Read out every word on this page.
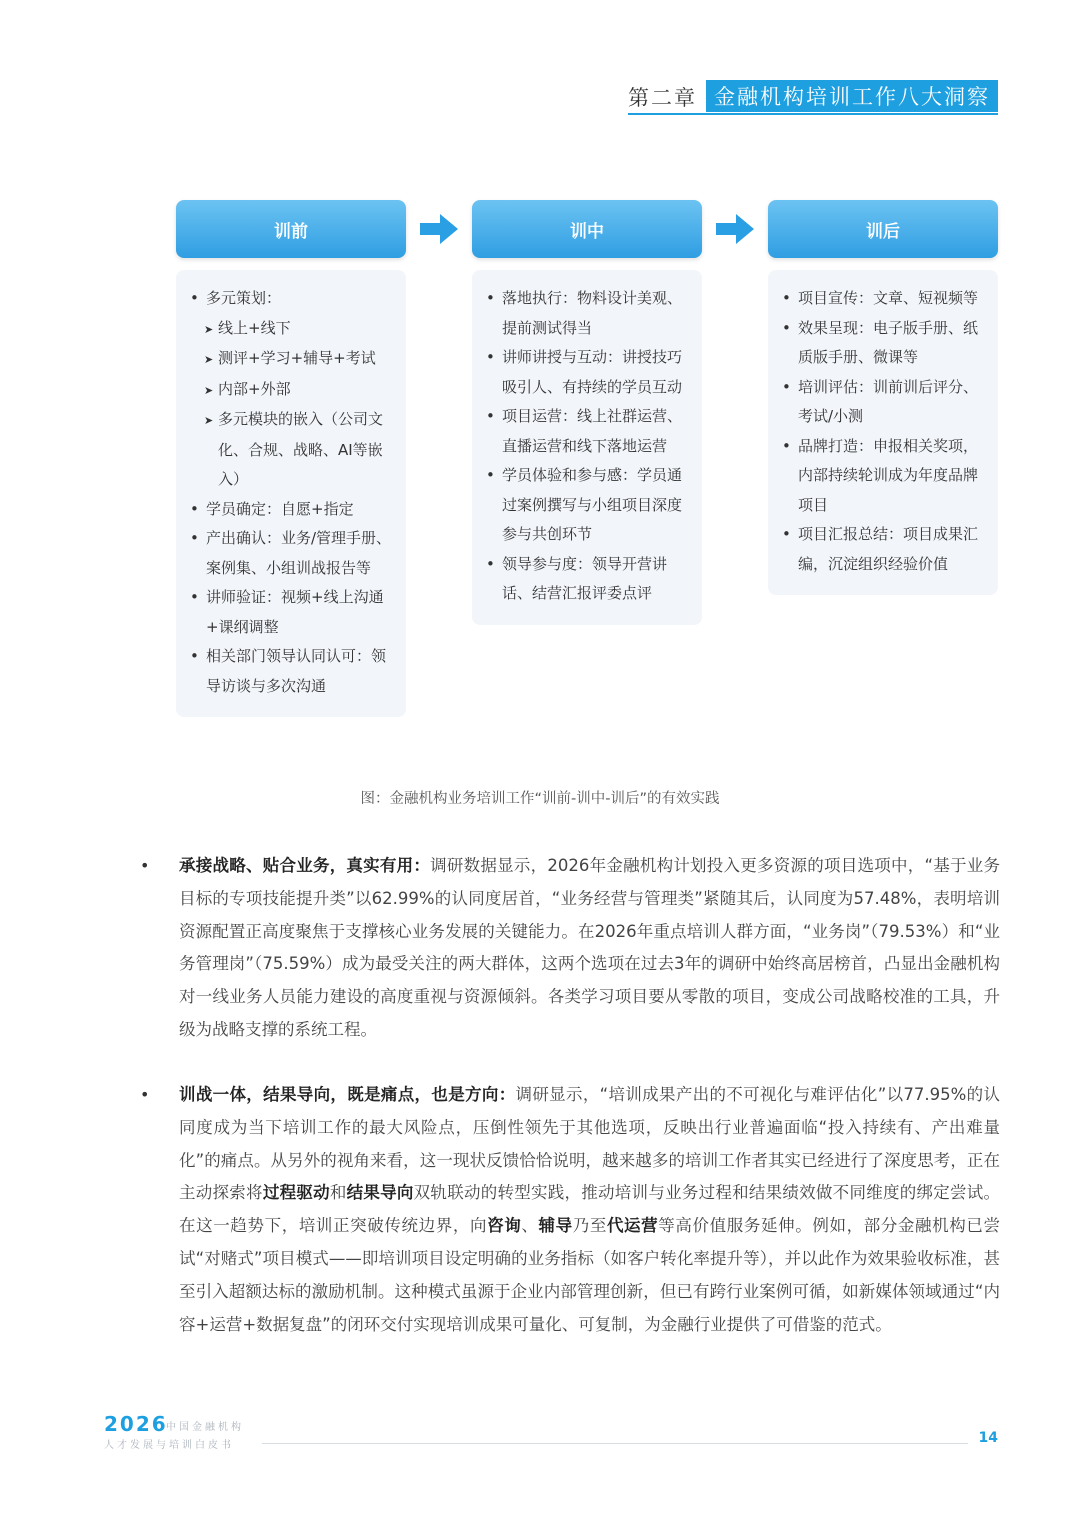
第二章 金融机构培训工作八大洞察
训前
• 多元策划：
➤ 线上+线下
➤ 测评+学习+辅导+考试
➤ 内部+外部
➤ 多元模块的嵌入（公司文化、合规、战略、AI等嵌入）
• 学员确定：自愿+指定
• 产出确认：业务/管理手册、案例集、小组训战报告等
• 讲师验证：视频+线上沟通+课纲调整
• 相关部门领导认同认可：领导访谈与多次沟通
训中
• 落地执行：物料设计美观、提前测试得当
• 讲师讲授与互动：讲授技巧吸引人、有持续的学员互动
• 项目运营：线上社群运营、直播运营和线下落地运营
• 学员体验和参与感：学员通过案例撰写与小组项目深度参与共创环节
• 领导参与度：领导开营讲话、结营汇报评委点评
训后
• 项目宣传：文章、短视频等
• 效果呈现：电子版手册、纸质版手册、微课等
• 培训评估：训前训后评分、考试/小测
• 品牌打造：申报相关奖项，内部持续轮训成为年度品牌项目
• 项目汇报总结：项目成果汇编，沉淀组织经验价值
图：金融机构业务培训工作“训前-训中-训后”的有效实践
• 承接战略、贴合业务，真实有用：调研数据显示，2026年金融机构计划投入更多资源的项目选项中，“基于业务目标的专项技能提升类”以62.99%的认同度居首，“业务经营与管理类”紧随其后，认同度为57.48%，表明培训资源配置正高度聚焦于支撑核心业务发展的关键能力。在2026年重点培训人群方面，“业务岗”（79.53%）和“业务管理岗”（75.59%）成为最受关注的两大群体，这两个选项在过去3年的调研中始终高居榜首，凸显出金融机构对一线业务人员能力建设的高度重视与资源倾斜。各类学习项目要从零散的项目，变成公司战略校准的工具，升级为战略支撑的系统工程。
• 训战一体，结果导向，既是痛点，也是方向：调研显示，“培训成果产出的不可视化与难评估化”以77.95%的认同度成为当下培训工作的最大风险点，压倒性领先于其他选项，反映出行业普遍面临“投入持续有、产出难量化”的痛点。从另外的视角来看，这一现状反馈恰恰说明，越来越多的培训工作者其实已经进行了深度思考，正在主动探索将过程驱动和结果导向双轨联动的转型实践，推动培训与业务过程和结果绩效做不同维度的绑定尝试。在这一趋势下，培训正突破传统边界，向咨询、辅导乃至代运营等高价值服务延伸。例如，部分金融机构已尝试“对赌式”项目模式——即培训项目设定明确的业务指标（如客户转化率提升等），并以此作为效果验收标准，甚至引入超额达标的激励机制。这种模式虽源于企业内部管理创新，但已有跨行业案例可循，如新媒体领域通过“内容+运营+数据复盘”的闭环交付实现培训成果可量化、可复制，为金融行业提供了可借鉴的范式。
2026
中国金融机构
人才发展与培训白皮书	14
